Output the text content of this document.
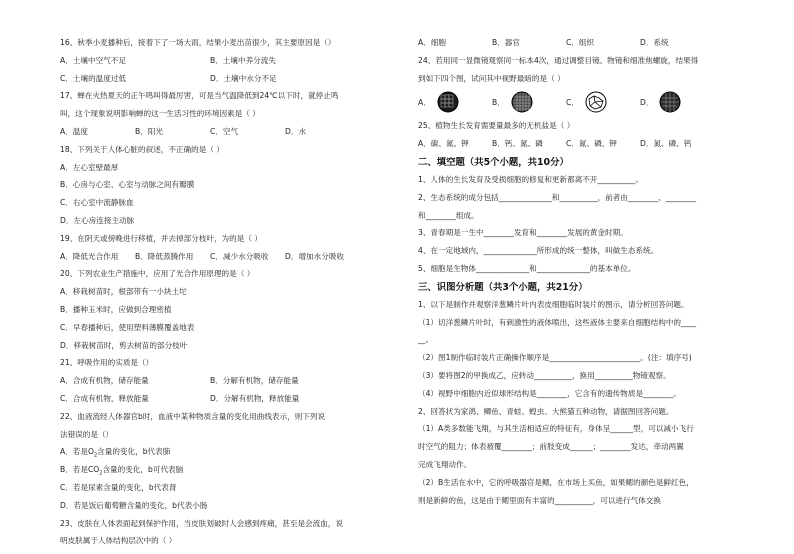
16、秋季小麦播种后，接着下了一场大雨，结果小麦出苗很少，其主要原因是（）
A．土壤中空气不足	B．土壤中养分流失
C．土壤的温度过低	D．土壤中水分不足
17、蝉在火热夏天的正午鸣叫得最厉害，可是当气温降低到24℃以下时，就停止鸣
叫，这个现象说明影响蝉的这一生活习性的环境因素是（ ）
A．温度	B．阳光	C．空气	D．水
18、下列关于人体心脏的叙述，不正确的是（ ）
A．左心室壁最厚
B．心房与心室、心室与动脉之间有瓣膜
C．右心室中流静脉血
D．左心房连接主动脉
19、在阴天或傍晚进行移植，并去掉部分枝叶，为的是（ ）
A．降低光合作用	B．降低蒸腾作用	C．减少水分吸收	D．增加水分吸收
20、下列农业生产措施中，应用了光合作用原理的是（ ）
A．移栽树苗时，根部带有一小块土坨
B．播种玉米时，应做到合理密植
C．早春播种后，使用塑料薄膜覆盖地表
D．移栽树苗时，剪去树苗的部分枝叶
21、呼吸作用的实质是（）
A．合成有机物，储存能量	B．分解有机物，储存能量
C．合成有机物，释放能量	D．分解有机物，释放能量
22、血液流经人体器官b时，血液中某种物质含量的变化用曲线表示，则下列说
法错误的是（）
A．若是$O_2$含量的变化，b代表肺
B．若是$CO_2$含量的变化，b可代表脑
C．若是尿素含量的变化，b代表肾
D．若是饭后葡萄糖含量的变化，b代表小肠
23、皮肤在人体表面起到保护作用，当皮肤划破时人会感到疼痛，甚至是会流血，说
明皮肤属于人体结构层次中的（ ）
A．细胞	B．器官	C．组织	D．系统
24、若用同一显微镜观察同一标本4次，通过调整目镜、物镜和细准焦螺旋，结果得
到如下四个图，试问其中视野最暗的是（ ）
A．	B．	C．	D．
25、植物生长发育需要量最多的无机盐是（ ）
A．碳、氮、钾	B．钙、氮、磷	C．氮、磷、钾	D．氮、磷、钙
二、填空题（共5个小题，共10分）
1、人体的生长发育及受损细胞的修复和更新都离不开__________。
2、生态系统的成分包括______________和__________，前者由________、________
和________组成。
3、青春期是一生中________发育和________发展的黄金时期。
4、在一定地域内，______________所形成的统一整体，叫做生态系统。
5、细胞是生物体______________和______________的基本单位。
三、识图分析题（共3个小题，共21分）
1、以下是制作并观察洋葱鳞片叶内表皮细胞临时装片的图示，请分析回答问题。
（1）切洋葱鳞片叶时，有刺激性的液体喷出，这些液体主要来自细胞结构中的____
__。
（2）图1制作临时装片正确操作顺序是________________________。(注：填序号)
（3）要将图2的甲换成乙，应转动__________，换用__________物镜观察。
（4）视野中细胞内近似球形结构是________，它含有的遗传物质是________。
2、回答状为家鸽、鲫鱼、青蛙、蝗虫、大熊猫五种动物，请据图回答问题。
（1）A类多数能飞翔，与其生活相适应的特征有，身体呈______型，可以减小飞行
时空气的阻力；体表被覆________；前肢变成______；________发达，牵动两翼
完成飞翔动作。
（2）B生活在水中，它的呼吸器官是鳃，在市场上买鱼，如果鳃的颜色是鲜红色，
则是新鲜的鱼，这是由于鳃里面有丰富的__________，可以进行气体交换
